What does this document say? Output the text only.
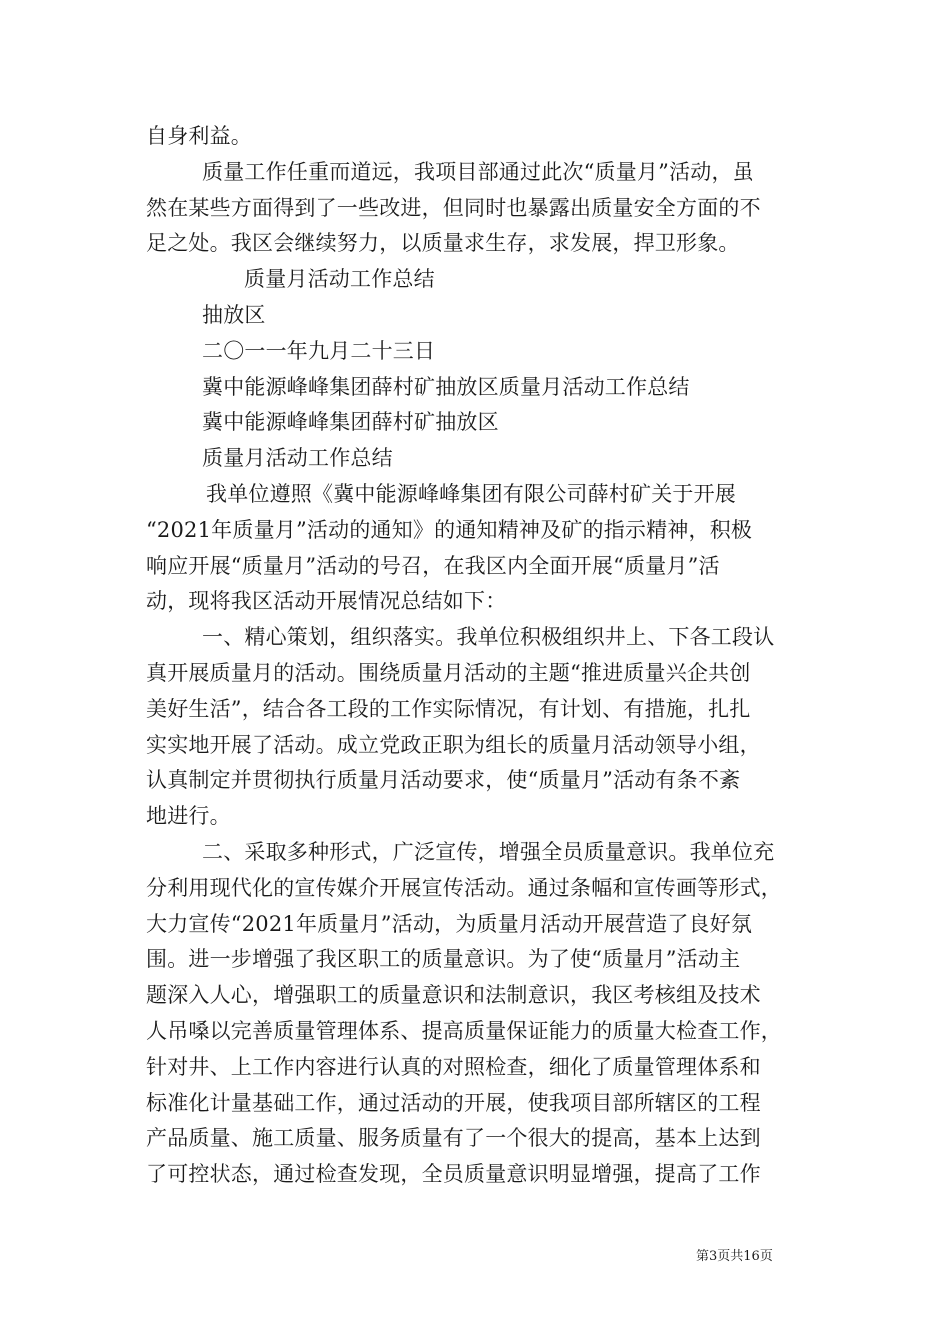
自身利益。
质量工作任重而道远，我项目部通过此次“质量月”活动，虽
然在某些方面得到了一些改进，但同时也暴露出质量安全方面的不
足之处。我区会继续努力，以质量求生存，求发展，捍卫形象。
质量月活动工作总结
抽放区
二〇一一年九月二十三日
冀中能源峰峰集团薛村矿抽放区质量月活动工作总结
冀中能源峰峰集团薛村矿抽放区
质量月活动工作总结
我单位遵照《冀中能源峰峰集团有限公司薛村矿关于开展
“2021年质量月”活动的通知》的通知精神及矿的指示精神，积极
响应开展“质量月”活动的号召，在我区内全面开展“质量月”活
动，现将我区活动开展情况总结如下：
一、精心策划，组织落实。我单位积极组织井上、下各工段认
真开展质量月的活动。围绕质量月活动的主题“推进质量兴企共创
美好生活”，结合各工段的工作实际情况，有计划、有措施，扎扎
实实地开展了活动。成立党政正职为组长的质量月活动领导小组，
认真制定并贯彻执行质量月活动要求，使“质量月”活动有条不紊
地进行。
二、采取多种形式，广泛宣传，增强全员质量意识。我单位充
分利用现代化的宣传媒介开展宣传活动。通过条幅和宣传画等形式，
大力宣传“2021年质量月”活动，为质量月活动开展营造了良好氛
围。进一步增强了我区职工的质量意识。为了使“质量月”活动主
题深入人心，增强职工的质量意识和法制意识，我区考核组及技术
人吊嗓以完善质量管理体系、提高质量保证能力的质量大检查工作，
针对井、上工作内容进行认真的对照检查，细化了质量管理体系和
标准化计量基础工作，通过活动的开展，使我项目部所辖区的工程
产品质量、施工质量、服务质量有了一个很大的提高，基本上达到
了可控状态，通过检查发现，全员质量意识明显增强，提高了工作
第3页共16页
